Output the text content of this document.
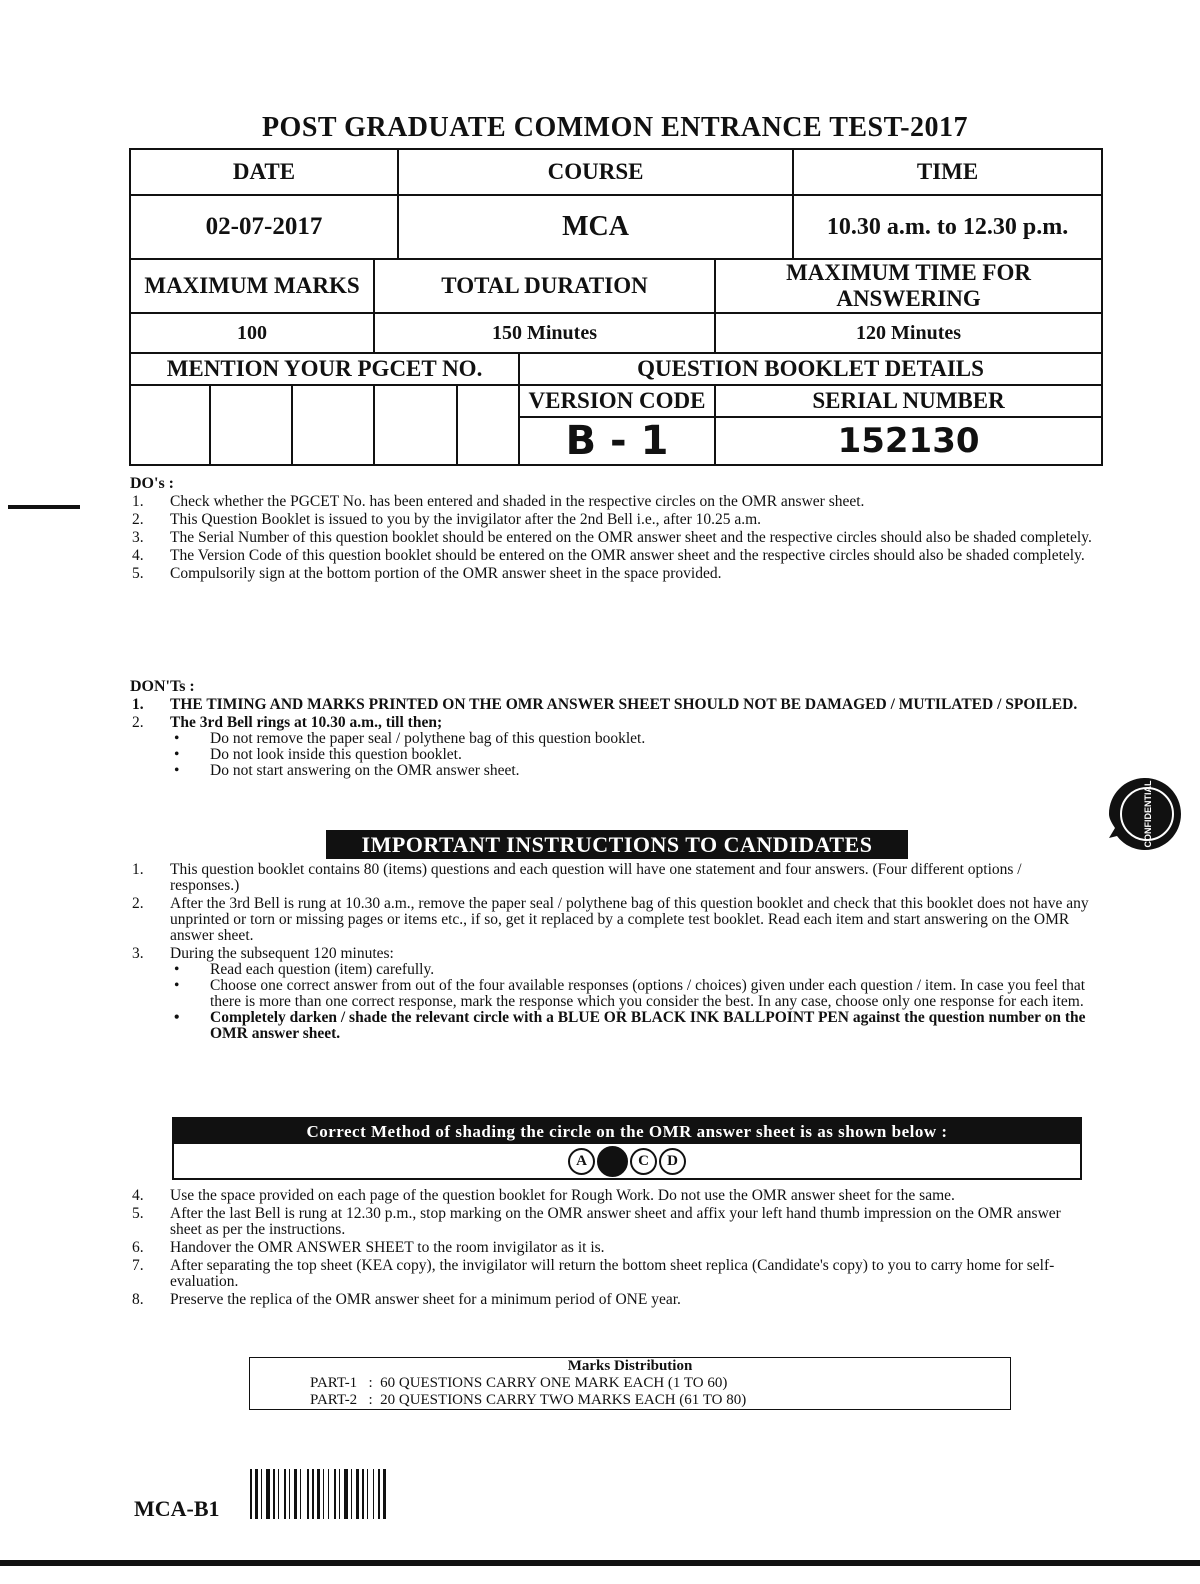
POST GRADUATE COMMON ENTRANCE TEST-2017
DATE				COURSE				TIME
02-07-2017				MCA				10.30 a.m. to 12.30 p.m.
MAXIMUM MARKS			TOTAL DURATION				MAXIMUM TIME FOR ANSWERING	
100			150 Minutes				120 Minutes	
MENTION YOUR PGCET NO.						QUESTION BOOKLET DETAILS		
						VERSION CODE	SERIAL NUMBER	
						B - 1	152130	
DO's :
1. Check whether the PGCET No. has been entered and shaded in the respective circles on the OMR answer sheet.
2. This Question Booklet is issued to you by the invigilator after the 2nd Bell i.e., after 10.25 a.m.
3. The Serial Number of this question booklet should be entered on the OMR answer sheet and the respective circles should also be shaded completely.
4. The Version Code of this question booklet should be entered on the OMR answer sheet and the respective circles should also be shaded completely.
5. Compulsorily sign at the bottom portion of the OMR answer sheet in the space provided.
DON'Ts :
1. THE TIMING AND MARKS PRINTED ON THE OMR ANSWER SHEET SHOULD NOT BE DAMAGED / MUTILATED / SPOILED.
2. The 3rd Bell rings at 10.30 a.m., till then;
• Do not remove the paper seal / polythene bag of this question booklet.
• Do not look inside this question booklet.
• Do not start answering on the OMR answer sheet.
IMPORTANT INSTRUCTIONS TO CANDIDATES
1. This question booklet contains 80 (items) questions and each question will have one statement and four answers. (Four different options / responses.)
2. After the 3rd Bell is rung at 10.30 a.m., remove the paper seal / polythene bag of this question booklet and check that this booklet does not have any unprinted or torn or missing pages or items etc., if so, get it replaced by a complete test booklet. Read each item and start answering on the OMR answer sheet.
3. During the subsequent 120 minutes:
• Read each question (item) carefully.
• Choose one correct answer from out of the four available responses (options / choices) given under each question / item. In case you feel that there is more than one correct response, mark the response which you consider the best. In any case, choose only one response for each item.
• Completely darken / shade the relevant circle with a BLUE OR BLACK INK BALLPOINT PEN against the question number on the OMR answer sheet.
Correct Method of shading the circle on the OMR answer sheet is as shown below :
A	C	D
4. Use the space provided on each page of the question booklet for Rough Work. Do not use the OMR answer sheet for the same.
5. After the last Bell is rung at 12.30 p.m., stop marking on the OMR answer sheet and affix your left hand thumb impression on the OMR answer sheet as per the instructions.
6. Handover the OMR ANSWER SHEET to the room invigilator as it is.
7. After separating the top sheet (KEA copy), the invigilator will return the bottom sheet replica (Candidate's copy) to you to carry home for self-evaluation.
8. Preserve the replica of the OMR answer sheet for a minimum period of ONE year.
Marks Distribution
PART-1   :  60 QUESTIONS CARRY ONE MARK EACH (1 TO 60)
PART-2   :  20 QUESTIONS CARRY TWO MARKS EACH (61 TO 80)
MCA-B1
CONFIDENTIAL
